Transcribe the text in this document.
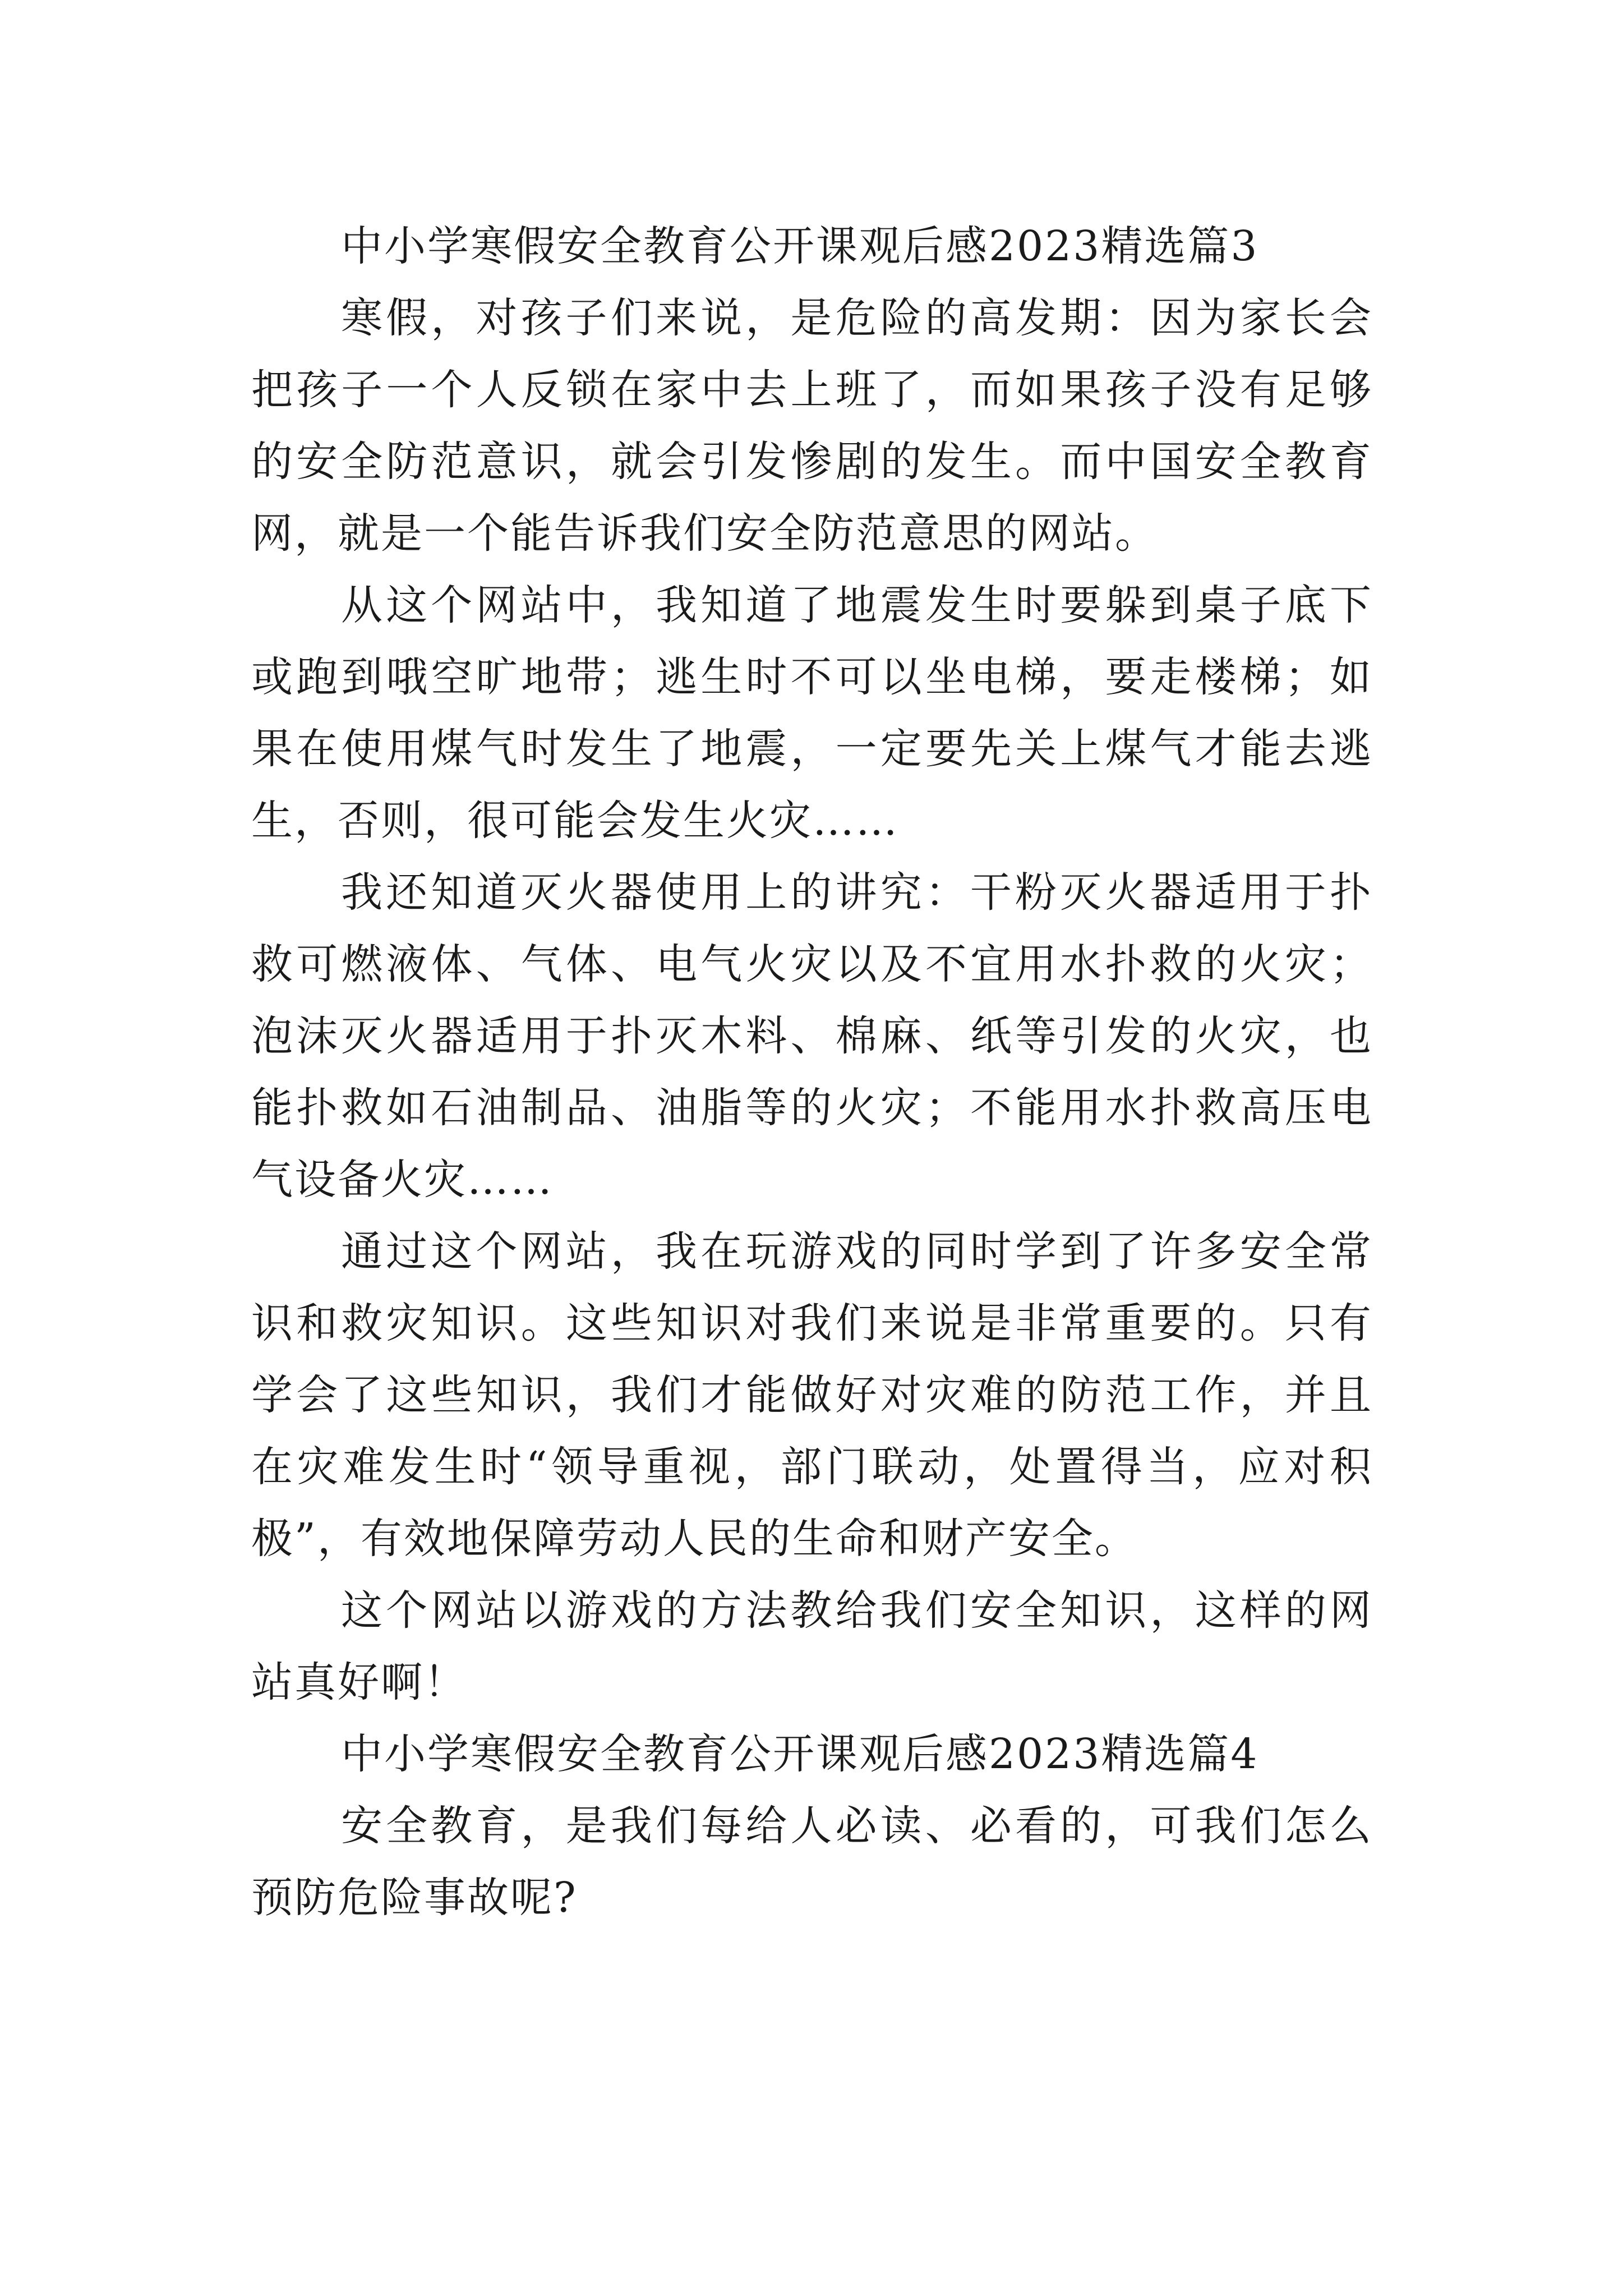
中小学寒假安全教育公开课观后感2023精选篇3

寒假，对孩子们来说，是危险的高发期：因为家长会把孩子一个人反锁在家中去上班了，而如果孩子没有足够的安全防范意识，就会引发惨剧的发生。而中国安全教育网，就是一个能告诉我们安全防范意思的网站。

从这个网站中，我知道了地震发生时要躲到桌子底下或跑到哦空旷地带；逃生时不可以坐电梯，要走楼梯；如果在使用煤气时发生了地震，一定要先关上煤气才能去逃生，否则，很可能会发生火灾……

我还知道灭火器使用上的讲究：干粉灭火器适用于扑救可燃液体、气体、电气火灾以及不宜用水扑救的火灾；泡沫灭火器适用于扑灭木料、棉麻、纸等引发的火灾，也能扑救如石油制品、油脂等的火灾；不能用水扑救高压电气设备火灾……

通过这个网站，我在玩游戏的同时学到了许多安全常识和救灾知识。这些知识对我们来说是非常重要的。只有学会了这些知识，我们才能做好对灾难的防范工作，并且在灾难发生时“领导重视，部门联动，处置得当，应对积极”，有效地保障劳动人民的生命和财产安全。

这个网站以游戏的方法教给我们安全知识，这样的网站真好啊！

中小学寒假安全教育公开课观后感2023精选篇4

安全教育，是我们每给人必读、必看的，可我们怎么预防危险事故呢?
